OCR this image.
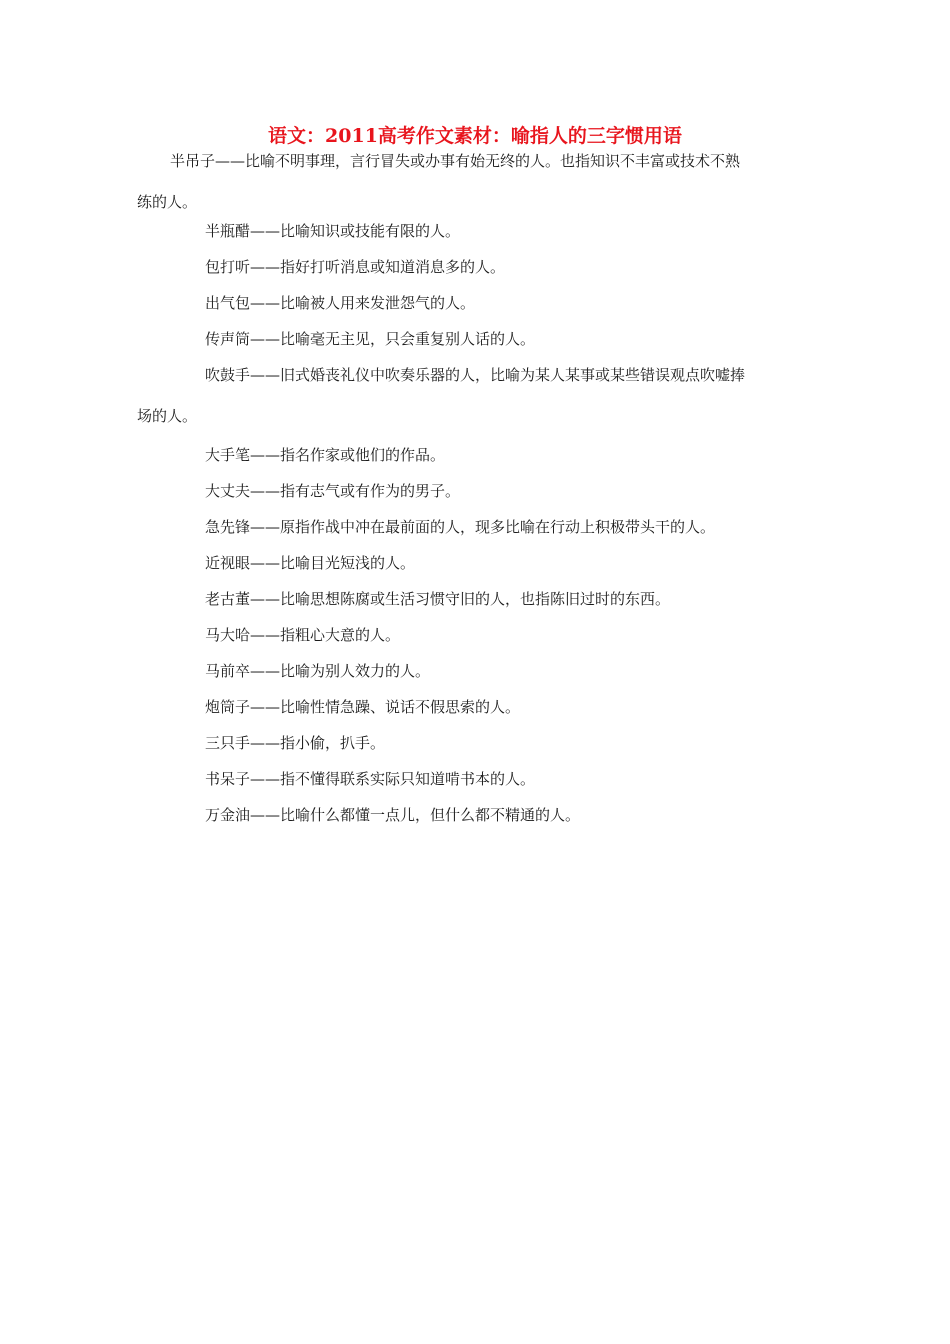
语文：2011高考作文素材：喻指人的三字惯用语

半吊子——比喻不明事理，言行冒失或办事有始无终的人。也指知识不丰富或技术不熟
练的人。

半瓶醋——比喻知识或技能有限的人。

包打听——指好打听消息或知道消息多的人。

出气包——比喻被人用来发泄怨气的人。

传声筒——比喻毫无主见，只会重复别人话的人。

吹鼓手——旧式婚丧礼仪中吹奏乐器的人，比喻为某人某事或某些错误观点吹嘘捧
场的人。

大手笔——指名作家或他们的作品。

大丈夫——指有志气或有作为的男子。

急先锋——原指作战中冲在最前面的人，现多比喻在行动上积极带头干的人。

近视眼——比喻目光短浅的人。

老古董——比喻思想陈腐或生活习惯守旧的人，也指陈旧过时的东西。

马大哈——指粗心大意的人。

马前卒——比喻为别人效力的人。

炮筒子——比喻性情急躁、说话不假思索的人。

三只手——指小偷，扒手。

书呆子——指不懂得联系实际只知道啃书本的人。

万金油——比喻什么都懂一点儿，但什么都不精通的人。
